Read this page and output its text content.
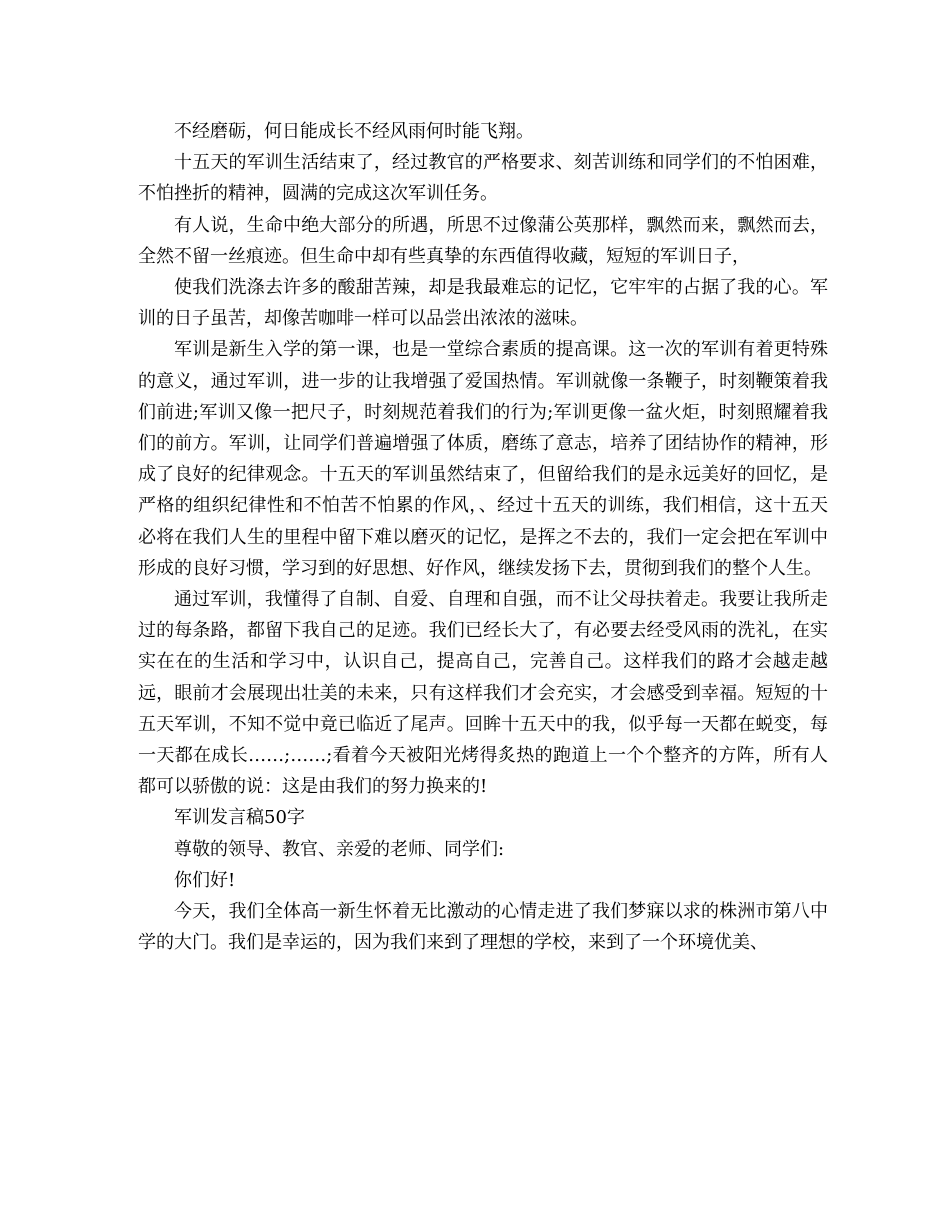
不经磨砺，何日能成长不经风雨何时能飞翔。

十五天的军训生活结束了，经过教官的严格要求、刻苦训练和同学们的不怕困难，不怕挫折的精神，圆满的完成这次军训任务。

有人说，生命中绝大部分的所遇，所思不过像蒲公英那样，飘然而来，飘然而去，全然不留一丝痕迹。但生命中却有些真挚的东西值得收藏，短短的军训日子，

使我们洗涤去许多的酸甜苦辣，却是我最难忘的记忆，它牢牢的占据了我的心。军训的日子虽苦，却像苦咖啡一样可以品尝出浓浓的滋味。

军训是新生入学的第一课，也是一堂综合素质的提高课。这一次的军训有着更特殊的意义，通过军训，进一步的让我增强了爱国热情。军训就像一条鞭子，时刻鞭策着我们前进;军训又像一把尺子，时刻规范着我们的行为;军训更像一盆火炬，时刻照耀着我们的前方。军训，让同学们普遍增强了体质，磨练了意志，培养了团结协作的精神，形成了良好的纪律观念。十五天的军训虽然结束了，但留给我们的是永远美好的回忆，是严格的组织纪律性和不怕苦不怕累的作风，、经过十五天的训练，我们相信，这十五天必将在我们人生的里程中留下难以磨灭的记忆，是挥之不去的，我们一定会把在军训中形成的良好习惯，学习到的好思想、好作风，继续发扬下去，贯彻到我们的整个人生。

通过军训，我懂得了自制、自爱、自理和自强，而不让父母扶着走。我要让我所走过的每条路，都留下我自己的足迹。我们已经长大了，有必要去经受风雨的洗礼，在实实在在的生活和学习中，认识自己，提高自己，完善自己。这样我们的路才会越走越远，眼前才会展现出壮美的未来，只有这样我们才会充实，才会感受到幸福。短短的十五天军训，不知不觉中竟已临近了尾声。回眸十五天中的我，似乎每一天都在蜕变，每一天都在成长……;……;看着今天被阳光烤得炙热的跑道上一个个整齐的方阵，所有人都可以骄傲的说：这是由我们的努力换来的!

军训发言稿50字

尊敬的领导、教官、亲爱的老师、同学们:

你们好!

今天，我们全体高一新生怀着无比激动的心情走进了我们梦寐以求的株洲市第八中学的大门。我们是幸运的，因为我们来到了理想的学校，来到了一个环境优美、
